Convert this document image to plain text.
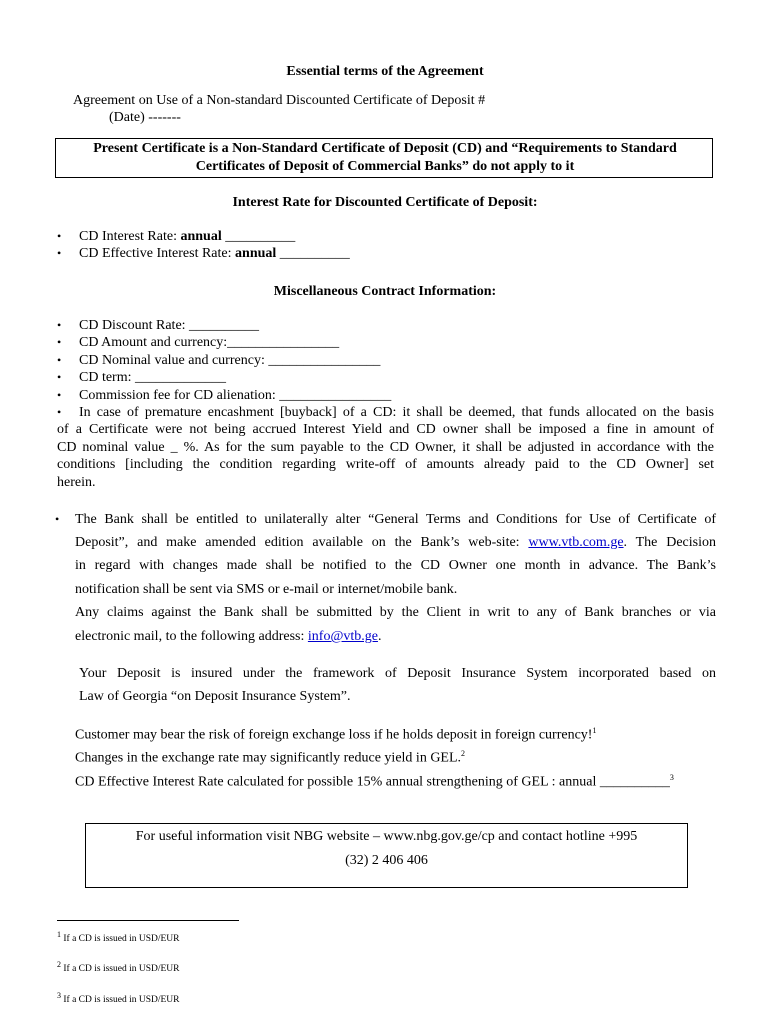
Essential terms of the Agreement
Agreement on Use of a Non-standard Discounted Certificate of Deposit #
(Date) -------
Present Certificate is a Non-Standard Certificate of Deposit (CD) and “Requirements to Standard
Certificates of Deposit of Commercial Banks” do not apply to it
Interest Rate for Discounted Certificate of Deposit:
• CD Interest Rate: annual __________
• CD Effective Interest Rate: annual __________
Miscellaneous Contract Information:
• CD Discount Rate: __________
• CD Amount and currency:________________
• CD Nominal value and currency: ________________
• CD term: _____________
• Commission fee for CD alienation: ________________
• In case of premature encashment [buyback] of a CD: it shall be deemed, that funds allocated on the basis
of a Certificate were not being accrued Interest Yield and CD owner shall be imposed a fine in amount of
CD nominal value _ %. As for the sum payable to the CD Owner, it shall be adjusted in accordance with the
conditions [including the condition regarding write-off of amounts already paid to the CD Owner] set
herein.
• The Bank shall be entitled to unilaterally alter “General Terms and Conditions for Use of Certificate of
Deposit”, and make amended edition available on the Bank’s web-site: www.vtb.com.ge. The Decision
in regard with changes made shall be notified to the CD Owner one month in advance. The Bank’s
notification shall be sent via SMS or e-mail or internet/mobile bank.
Any claims against the Bank shall be submitted by the Client in writ to any of Bank branches or via
electronic mail, to the following address: info@vtb.ge.
Your Deposit is insured under the framework of Deposit Insurance System incorporated based on
Law of Georgia “on Deposit Insurance System”.
Customer may bear the risk of foreign exchange loss if he holds deposit in foreign currency!$^1$
Changes in the exchange rate may significantly reduce yield in GEL.$^2$
CD Effective Interest Rate calculated for possible 15% annual strengthening of GEL : annual __________$^3$
For useful information visit NBG website – www.nbg.gov.ge/cp and contact hotline +995
(32) 2 406 406
$^1$ If a CD is issued in USD/EUR
$^2$ If a CD is issued in USD/EUR
$^3$ If a CD is issued in USD/EUR
